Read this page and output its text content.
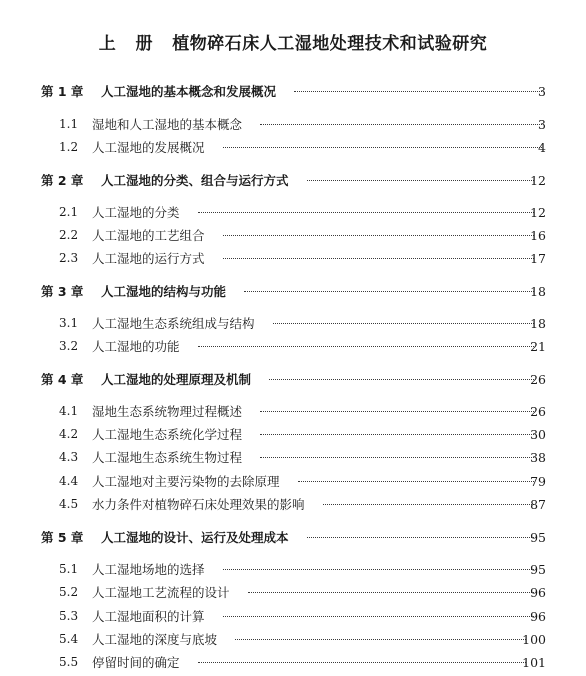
上   册   植物碎石床人工湿地处理技术和试验研究
第 1 章 人工湿地的基本概念和发展概况	3
1.1 湿地和人工湿地的基本概念	3
1.2 人工湿地的发展概况	4
第 2 章 人工湿地的分类、组合与运行方式	12
2.1 人工湿地的分类	12
2.2 人工湿地的工艺组合	16
2.3 人工湿地的运行方式	17
第 3 章 人工湿地的结构与功能	18
3.1 人工湿地生态系统组成与结构	18
3.2 人工湿地的功能	21
第 4 章 人工湿地的处理原理及机制	26
4.1 湿地生态系统物理过程概述	26
4.2 人工湿地生态系统化学过程	30
4.3 人工湿地生态系统生物过程	38
4.4 人工湿地对主要污染物的去除原理	79
4.5 水力条件对植物碎石床处理效果的影响	87
第 5 章 人工湿地的设计、运行及处理成本	95
5.1 人工湿地场地的选择	95
5.2 人工湿地工艺流程的设计	96
5.3 人工湿地面积的计算	96
5.4 人工湿地的深度与底坡	100
5.5 停留时间的确定	101
